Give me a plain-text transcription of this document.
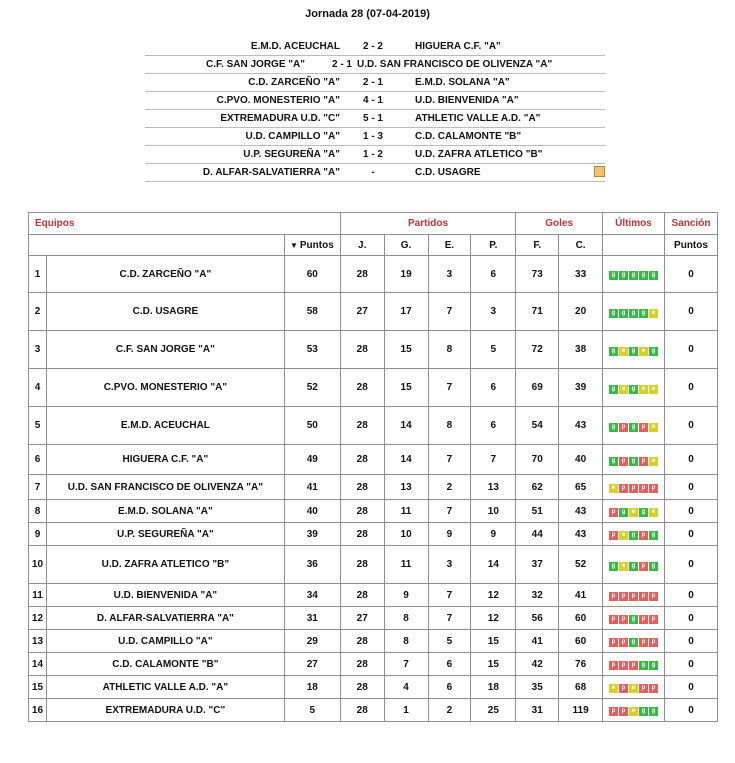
Jornada 28 (07-04-2019)
E.M.D. ACEUCHAL	2 - 2	HIGUERA C.F. "A"
C.F. SAN JORGE "A"	2 - 1 U.D. SAN FRANCISCO DE OLIVENZA "A"
C.D. ZARCEÑO "A"	2 - 1	E.M.D. SOLANA "A"
C.PVO. MONESTERIO "A"	4 - 1	U.D. BIENVENIDA "A"
EXTREMADURA U.D. "C"	5 - 1	ATHLETIC VALLE A.D. "A"
U.D. CAMPILLO "A"	1 - 3	C.D. CALAMONTE "B"
U.P. SEGUREÑA "A"	1 - 2	U.D. ZAFRA ATLETICO "B"
D. ALFAR-SALVATIERRA "A"	-	C.D. USAGRE
Equipos			Partidos				Goles		Últimos	Sanción
		▼ Puntos	J.	G.	E.	P.	F.	C.		Puntos
1	C.D. ZARCEÑO "A"	60	28	19	3	6	73	33	g g g g g	0
2	C.D. USAGRE	58	27	17	7	3	71	20	g g g g e	0
3	C.F. SAN JORGE "A"	53	28	15	8	5	72	38	g e g e g	0
4	C.PVO. MONESTERIO "A"	52	28	15	7	6	69	39	g e g e e	0
5	E.M.D. ACEUCHAL	50	28	14	8	6	54	43	g p g p e	0
6	HIGUERA C.F. "A"	49	28	14	7	7	70	40	g p g p e	0
7	U.D. SAN FRANCISCO DE OLIVENZA "A"	41	28	13	2	13	62	65	e p p p p	0
8	E.M.D. SOLANA "A"	40	28	11	7	10	51	43	p g e g e	0
9	U.P. SEGUREÑA "A"	39	28	10	9	9	44	43	p e g p g	0
10	U.D. ZAFRA ATLETICO "B"	36	28	11	3	14	37	52	g e g p g	0
11	U.D. BIENVENIDA "A"	34	28	9	7	12	32	41	p p p p p	0
12	D. ALFAR-SALVATIERRA "A"	31	27	8	7	12	56	60	p p g p p	0
13	U.D. CAMPILLO "A"	29	28	8	5	15	41	60	p p g p p	0
14	C.D. CALAMONTE "B"	27	28	7	6	15	42	76	p p p g g	0
15	ATHLETIC VALLE A.D. "A"	18	28	4	6	18	35	68	e p e p p	0
16	EXTREMADURA U.D. "C"	5	28	1	2	25	31	119	p p e g g	0
